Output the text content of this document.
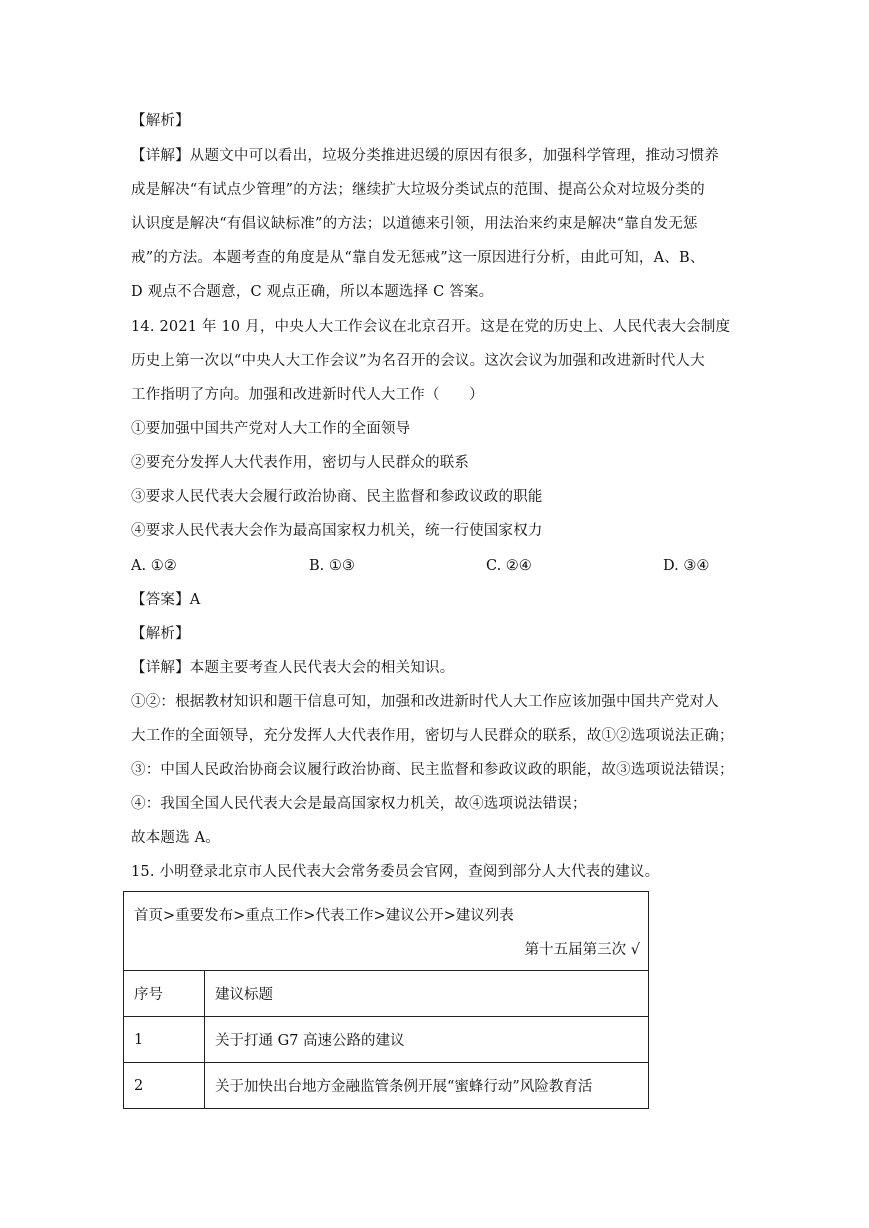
【解析】
【详解】从题文中可以看出，垃圾分类推进迟缓的原因有很多，加强科学管理，推动习惯养
成是解决“有试点少管理”的方法；继续扩大垃圾分类试点的范围、提高公众对垃圾分类的
认识度是解决“有倡议缺标准”的方法；以道德来引领，用法治来约束是解决“靠自发无惩
戒”的方法。本题考查的角度是从“靠自发无惩戒”这一原因进行分析，由此可知，A、B、
D 观点不合题意，C 观点正确，所以本题选择 C 答案。
14. 2021 年 10 月，中央人大工作会议在北京召开。这是在党的历史上、人民代表大会制度
历史上第一次以“中央人大工作会议”为名召开的会议。这次会议为加强和改进新时代人大
工作指明了方向。加强和改进新时代人大工作（　　）
①要加强中国共产党对人大工作的全面领导
②要充分发挥人大代表作用，密切与人民群众的联系
③要求人民代表大会履行政治协商、民主监督和参政议政的职能
④要求人民代表大会作为最高国家权力机关，统一行使国家权力
A. ①②	B. ①③	C. ②④	D. ③④
【答案】A
【解析】
【详解】本题主要考查人民代表大会的相关知识。
①②：根据教材知识和题干信息可知，加强和改进新时代人大工作应该加强中国共产党对人
大工作的全面领导，充分发挥人大代表作用，密切与人民群众的联系，故①②选项说法正确；
③：中国人民政治协商会议履行政治协商、民主监督和参政议政的职能，故③选项说法错误；
④：我国全国人民代表大会是最高国家权力机关，故④选项说法错误；
故本题选 A。
15. 小明登录北京市人民代表大会常务委员会官网，查阅到部分人大代表的建议。
首页>重要发布>重点工作>代表工作>建议公开>建议列表
第十五届第三次 √	

序号	建议标题
1	关于打通 G7 高速公路的建议
2	关于加快出台地方金融监管条例开展“蜜蜂行动”风险教育活
